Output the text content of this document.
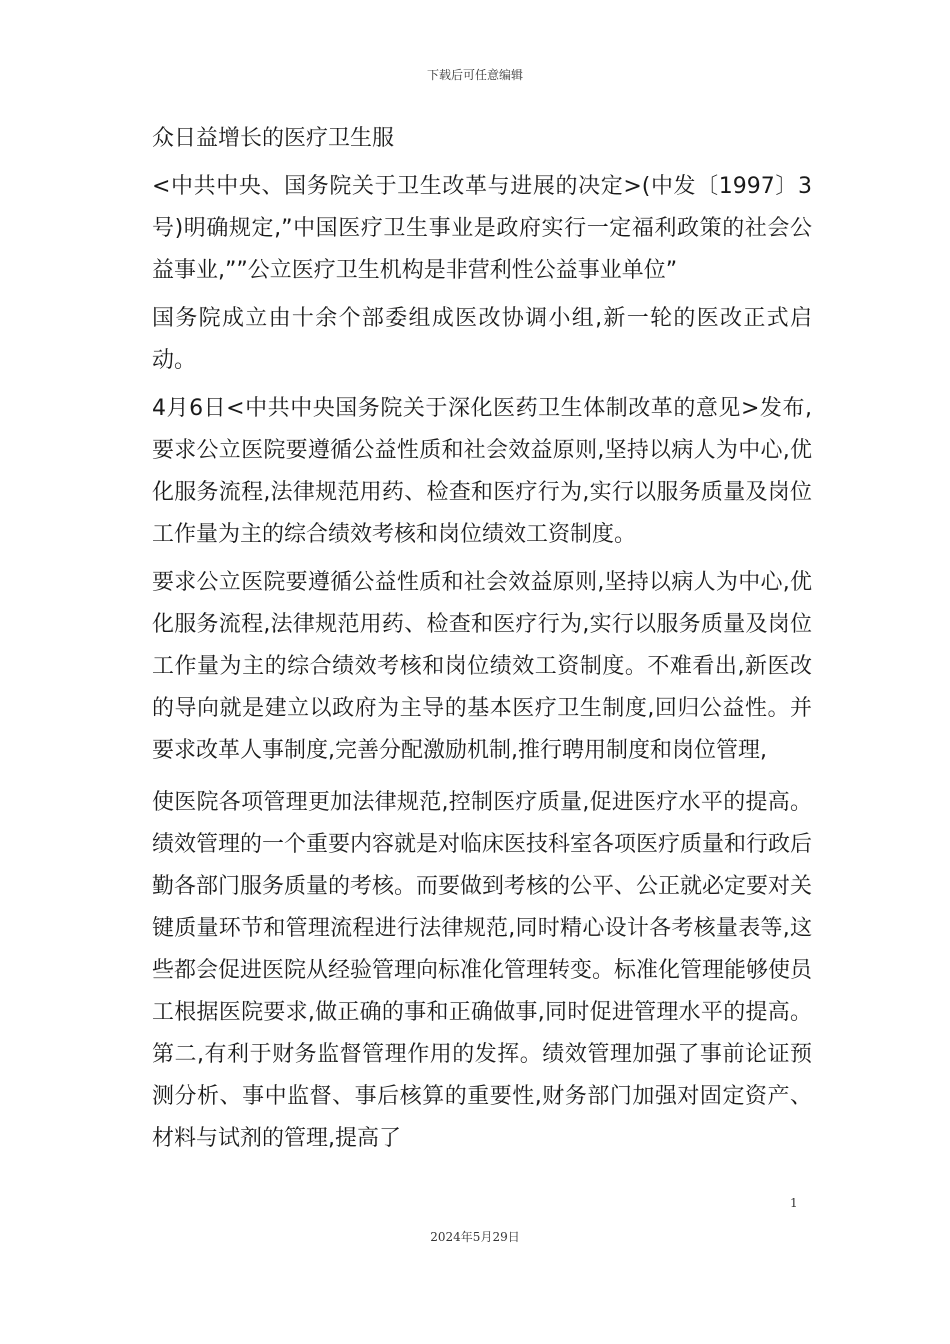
下载后可任意编辑

众日益增长的医疗卫生服

<中共中央、国务院关于卫生改革与进展的决定>(中发〔1997〕3号)明确规定,”中国医疗卫生事业是政府实行一定福利政策的社会公益事业,””公立医疗卫生机构是非营利性公益事业单位”

国务院成立由十余个部委组成医改协调小组,新一轮的医改正式启动。

4月6日<中共中央国务院关于深化医药卫生体制改革的意见>发布,要求公立医院要遵循公益性质和社会效益原则,坚持以病人为中心,优化服务流程,法律规范用药、检查和医疗行为,实行以服务质量及岗位工作量为主的综合绩效考核和岗位绩效工资制度。

要求公立医院要遵循公益性质和社会效益原则,坚持以病人为中心,优化服务流程,法律规范用药、检查和医疗行为,实行以服务质量及岗位工作量为主的综合绩效考核和岗位绩效工资制度。不难看出,新医改的导向就是建立以政府为主导的基本医疗卫生制度,回归公益性。并要求改革人事制度,完善分配激励机制,推行聘用制度和岗位管理,

使医院各项管理更加法律规范,控制医疗质量,促进医疗水平的提高。绩效管理的一个重要内容就是对临床医技科室各项医疗质量和行政后勤各部门服务质量的考核。而要做到考核的公平、公正就必定要对关键质量环节和管理流程进行法律规范,同时精心设计各考核量表等,这些都会促进医院从经验管理向标准化管理转变。标准化管理能够使员工根据医院要求,做正确的事和正确做事,同时促进管理水平的提高。第二,有利于财务监督管理作用的发挥。绩效管理加强了事前论证预测分析、事中监督、事后核算的重要性,财务部门加强对固定资产、材料与试剂的管理,提高了

1
2024年5月29日
